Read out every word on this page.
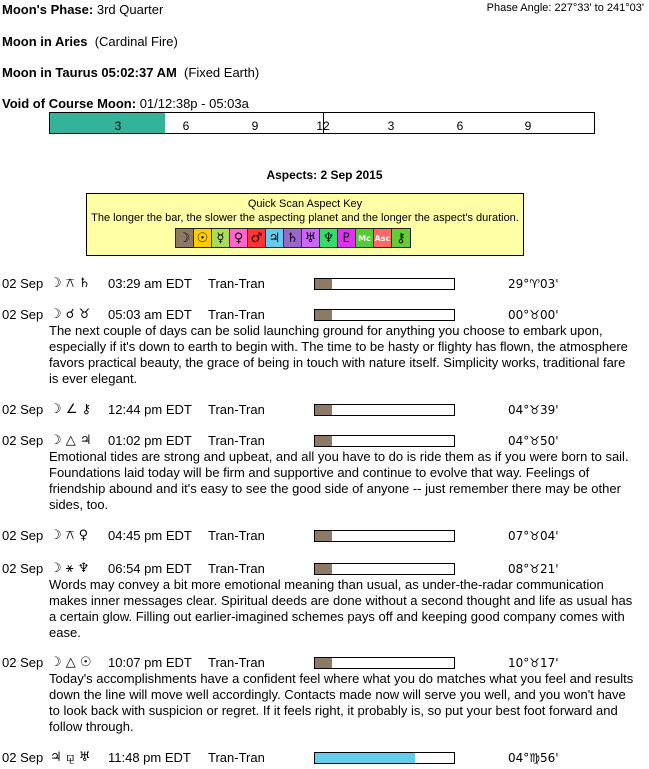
Moon's Phase: 3rd Quarter	Phase Angle: 227°33' to 241°03'
Moon in Aries (Cardinal Fire)
Moon in Taurus 05:02:37 AM (Fixed Earth)
Void of Course Moon: 01/12:38p - 05:03a
3	6	9	12	3	6	9
Aspects: 2 Sep 2015
Quick Scan Aspect Key
The longer the bar, the slower the aspecting planet and the longer the aspect's duration.
☽ ☉ ☿ ♀ ♂ ♃ ♄ ♅ ♆ ♇ Mc Asc ⚷
02 Sep ☽ ⚻ ♄ 03:29 am EDT Tran-Tran	29°♈03'
02 Sep ☽ ☌ ♉ 05:03 am EDT Tran-Tran	00°♉00'
The next couple of days can be solid launching ground for anything you choose to embark upon, especially if it's down to earth to begin with. The time to be hasty or flighty has flown, the atmosphere favors practical beauty, the grace of being in touch with nature itself. Simplicity works, traditional fare is ever elegant.
02 Sep ☽ ∠ ⚷ 12:44 pm EDT Tran-Tran	04°♉39'
02 Sep ☽ △ ♃ 01:02 pm EDT Tran-Tran	04°♉50'
Emotional tides are strong and upbeat, and all you have to do is ride them as if you were born to sail. Foundations laid today will be firm and supportive and continue to evolve that way. Feelings of friendship abound and it's easy to see the good side of anyone -- just remember there may be other sides, too.
02 Sep ☽ ⚻ ♀ 04:45 pm EDT Tran-Tran	07°♉04'
02 Sep ☽ ⚹ ♆ 06:54 pm EDT Tran-Tran	08°♉21'
Words may convey a bit more emotional meaning than usual, as under-the-radar communication makes inner messages clear. Spiritual deeds are done without a second thought and life as usual has a certain glow. Filling out earlier-imagined schemes pays off and keeping good company comes with ease.
02 Sep ☽ △ ☉ 10:07 pm EDT Tran-Tran	10°♉17'
Today's accomplishments have a confident feel where what you do matches what you feel and results down the line will move well accordingly. Contacts made now will serve you well, and you won't have to look back with suspicion or regret. If it feels right, it probably is, so put your best foot forward and follow through.
02 Sep ♃ ⚼ ♅ 11:48 pm EDT Tran-Tran	04°♍56'
